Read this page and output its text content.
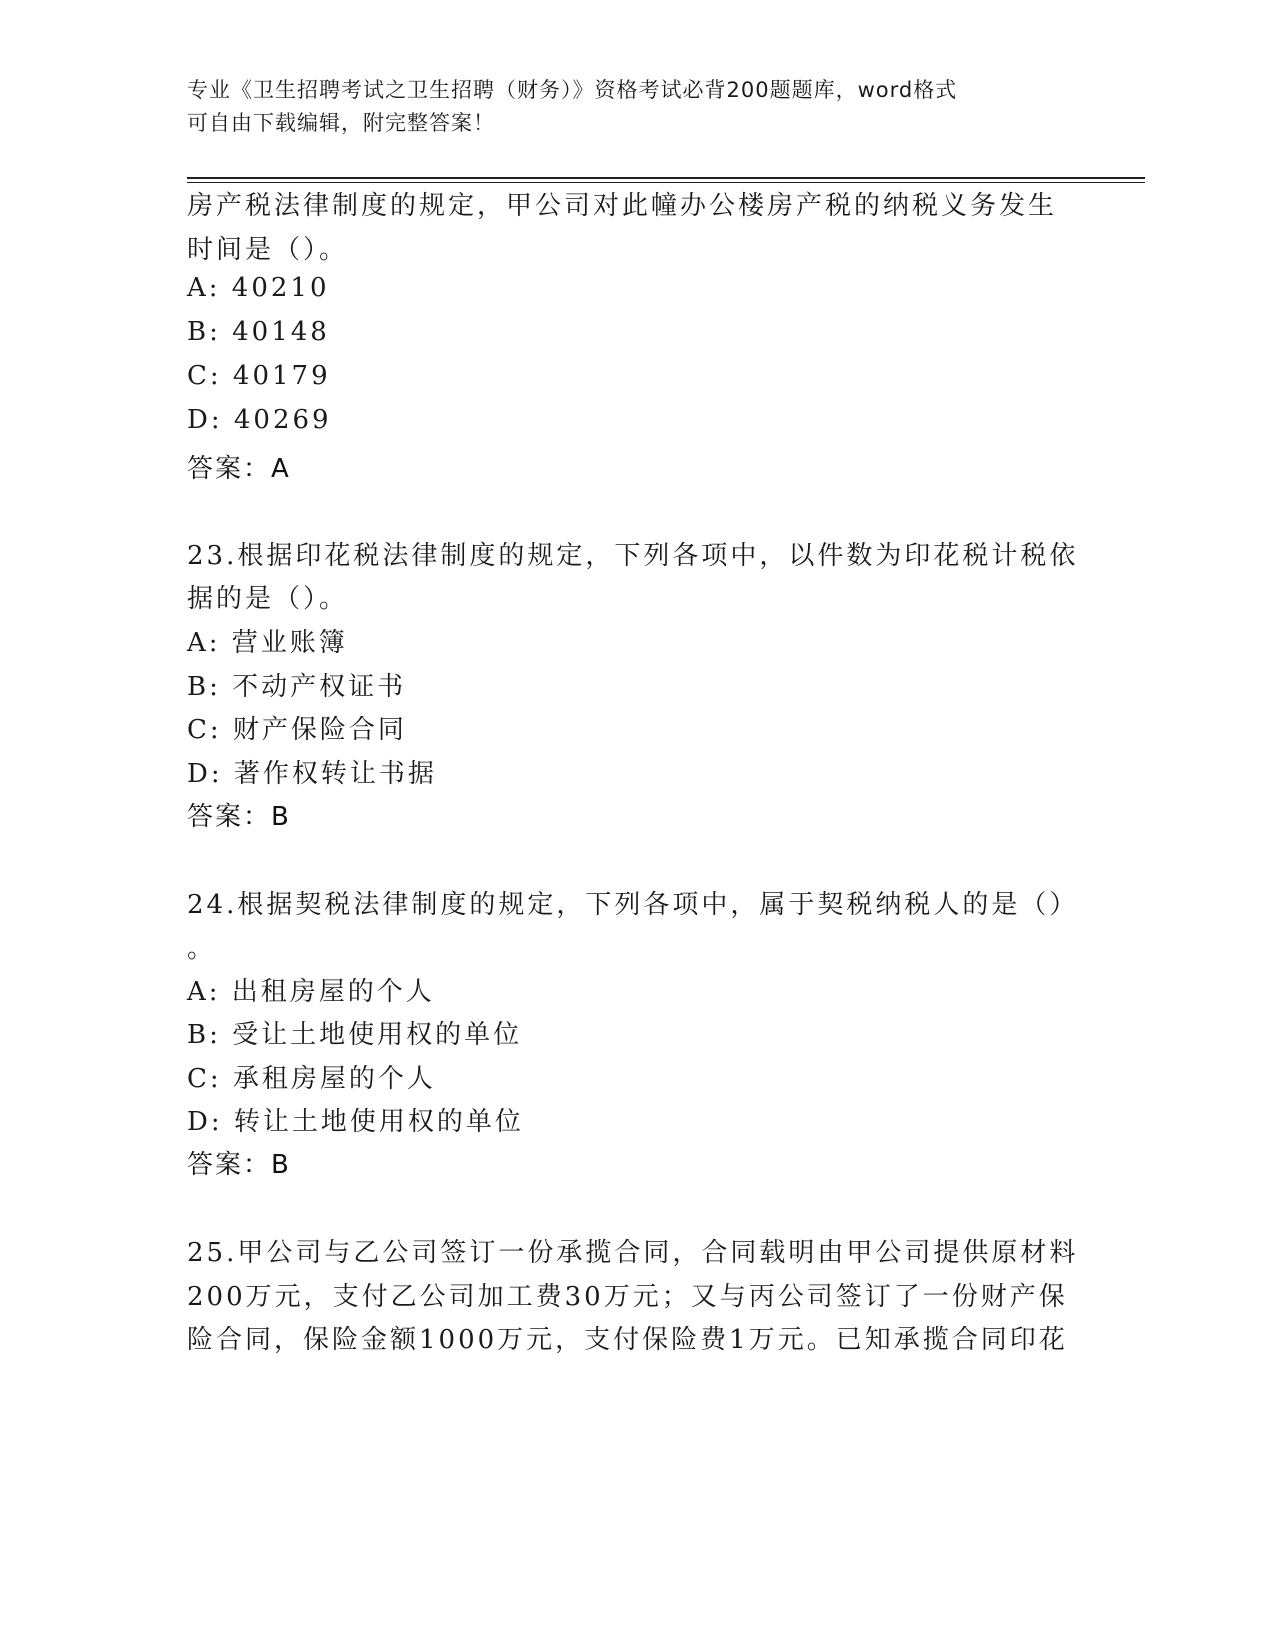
专业《卫生招聘考试之卫生招聘（财务）》资格考试必背200题题库，word格式
可自由下载编辑，附完整答案！
房产税法律制度的规定，甲公司对此幢办公楼房产税的纳税义务发生
时间是（）。
A: 40210
B: 40148
C: 40179
D: 40269
答案：A
23.根据印花税法律制度的规定，下列各项中，以件数为印花税计税依
据的是（）。
A: 营业账簿
B: 不动产权证书
C: 财产保险合同
D: 著作权转让书据
答案：B
24.根据契税法律制度的规定，下列各项中，属于契税纳税人的是（）
。
A: 出租房屋的个人
B: 受让土地使用权的单位
C: 承租房屋的个人
D: 转让土地使用权的单位
答案：B
25.甲公司与乙公司签订一份承揽合同，合同载明由甲公司提供原材料
200万元，支付乙公司加工费30万元；又与丙公司签订了一份财产保
险合同，保险金额1000万元，支付保险费1万元。已知承揽合同印花
